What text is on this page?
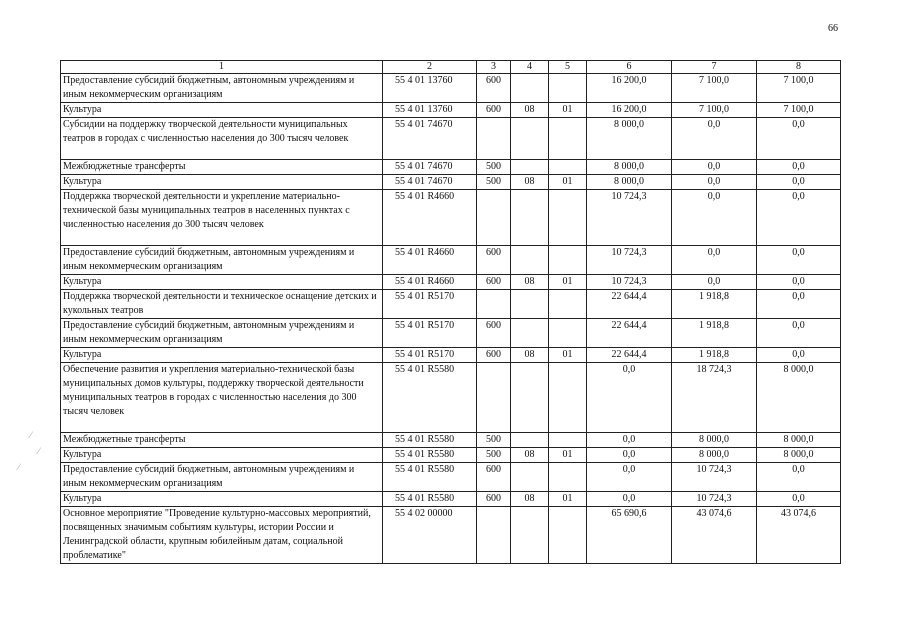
66
⁄
⁄
⁄
1	2	3	4	5	6	7	8
Предоставление субсидий бюджетным, автономным учреждениям и иным некоммерческим организациям	55 4 01 13760	600			16 200,0	7 100,0	7 100,0
Культура	55 4 01 13760	600	08	01	16 200,0	7 100,0	7 100,0
Субсидии на поддержку творческой деятельности муниципальных театров в городах с численностью населения до 300 тысяч человек	55 4 01 74670				8 000,0	0,0	0,0
Межбюджетные трансферты	55 4 01 74670	500			8 000,0	0,0	0,0
Культура	55 4 01 74670	500	08	01	8 000,0	0,0	0,0
Поддержка творческой деятельности и укрепление материально-технической базы муниципальных театров в населенных пунктах с численностью населения до 300 тысяч человек	55 4 01 R4660				10 724,3	0,0	0,0
Предоставление субсидий бюджетным, автономным учреждениям и иным некоммерческим организациям	55 4 01 R4660	600			10 724,3	0,0	0,0
Культура	55 4 01 R4660	600	08	01	10 724,3	0,0	0,0
Поддержка творческой деятельности и техническое оснащение детских и кукольных театров	55 4 01 R5170				22 644,4	1 918,8	0,0
Предоставление субсидий бюджетным, автономным учреждениям и иным некоммерческим организациям	55 4 01 R5170	600			22 644,4	1 918,8	0,0
Культура	55 4 01 R5170	600	08	01	22 644,4	1 918,8	0,0
Обеспечение развития и укрепления материально-технической базы муниципальных домов культуры, поддержку творческой деятельности муниципальных театров в городах с численностью населения до 300 тысяч человек	55 4 01 R5580				0,0	18 724,3	8 000,0
Межбюджетные трансферты	55 4 01 R5580	500			0,0	8 000,0	8 000,0
Культура	55 4 01 R5580	500	08	01	0,0	8 000,0	8 000,0
Предоставление субсидий бюджетным, автономным учреждениям и иным некоммерческим организациям	55 4 01 R5580	600			0,0	10 724,3	0,0
Культура	55 4 01 R5580	600	08	01	0,0	10 724,3	0,0
Основное мероприятие "Проведение культурно-массовых мероприятий, посвященных значимым событиям культуры, истории России и Ленинградской области, крупным юбилейным датам, социальной проблематике"	55 4 02 00000				65 690,6	43 074,6	43 074,6
